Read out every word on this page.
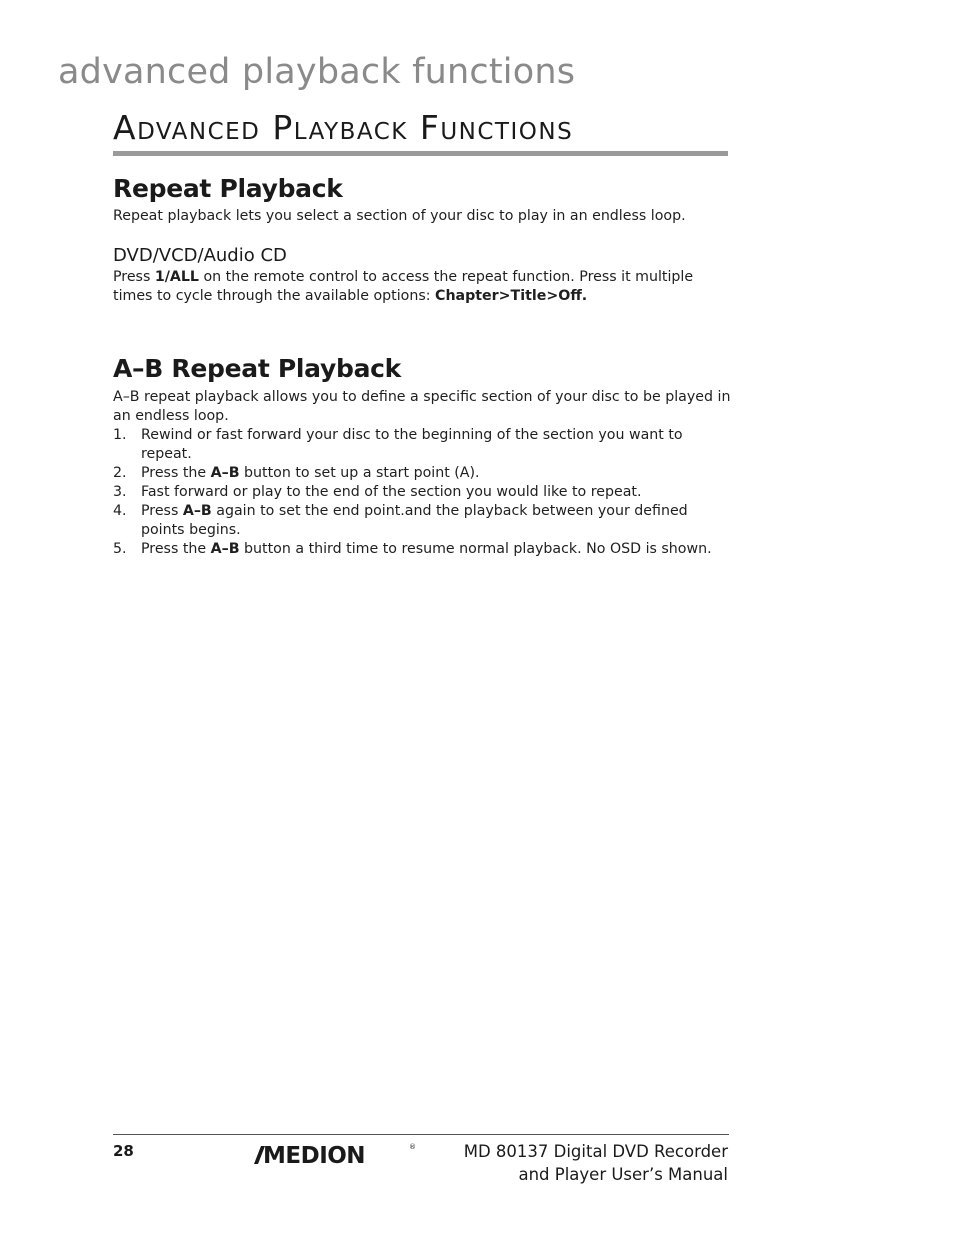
advanced playback functions
Advanced Playback Functions
Repeat Playback

Repeat playback lets you select a section of your disc to play in an endless loop.

DVD/VCD/Audio CD

Press 1/ALL on the remote control to access the repeat function. Press it multiple times to cycle through the available options: Chapter>Title>Off.

A–B Repeat Playback

A–B repeat playback allows you to define a specific section of your disc to be played in an endless loop.

1.	Rewind or fast forward your disc to the beginning of the section you want to repeat.
2.	Press the A–B button to set up a start point (A).
3.	Fast forward or play to the end of the section you would like to repeat.
4.	Press A–B again to set the end point.and the playback between your defined points begins.
5.	Press the A–B button a third time to resume normal playback. No OSD is shown.
28	MEDION	®	MD 80137 Digital DVD Recorder
and Player User’s Manual
